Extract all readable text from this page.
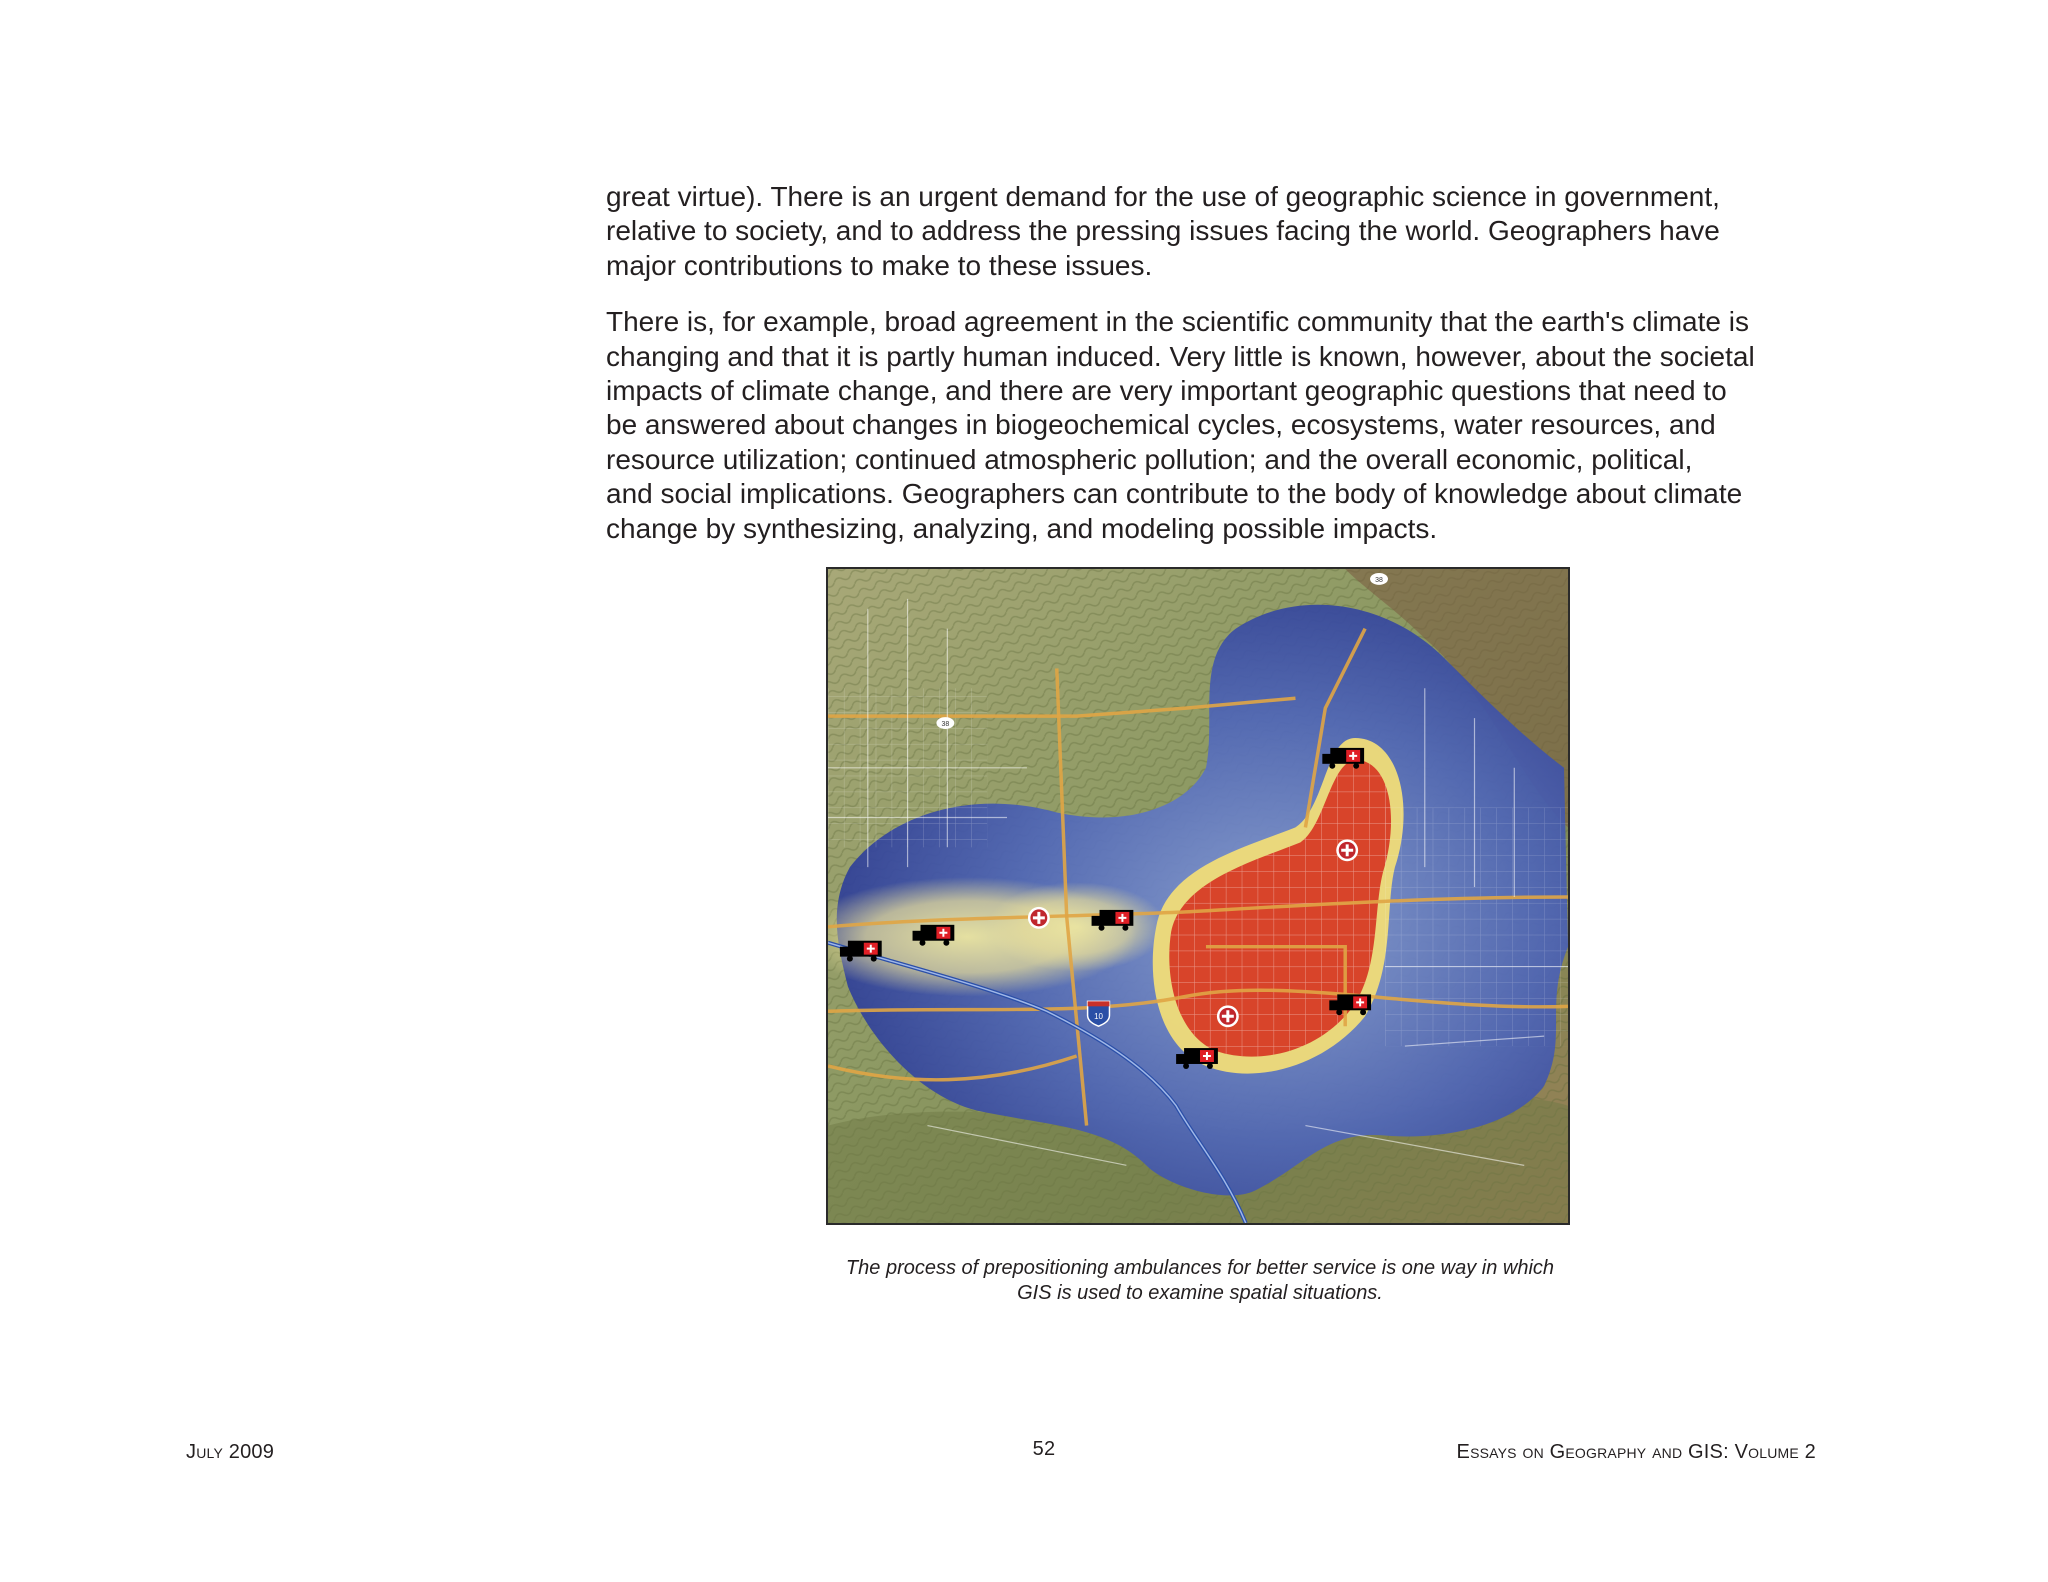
great virtue). There is an urgent demand for the use of geographic science in government,
relative to society, and to address the pressing issues facing the world. Geographers have
major contributions to make to these issues.

There is, for example, broad agreement in the scientific community that the earth's climate is
changing and that it is partly human induced. Very little is known, however, about the societal
impacts of climate change, and there are very important geographic questions that need to
be answered about changes in biogeochemical cycles, ecosystems, water resources, and
resource utilization; continued atmospheric pollution; and the overall economic, political,
and social implications. Geographers can contribute to the body of knowledge about climate
change by synthesizing, analyzing, and modeling possible impacts.

10
38
38

The process of prepositioning ambulances for better service is one way in which
GIS is used to examine spatial situations.

July 2009	52	Essays on Geography and GIS: Volume 2
